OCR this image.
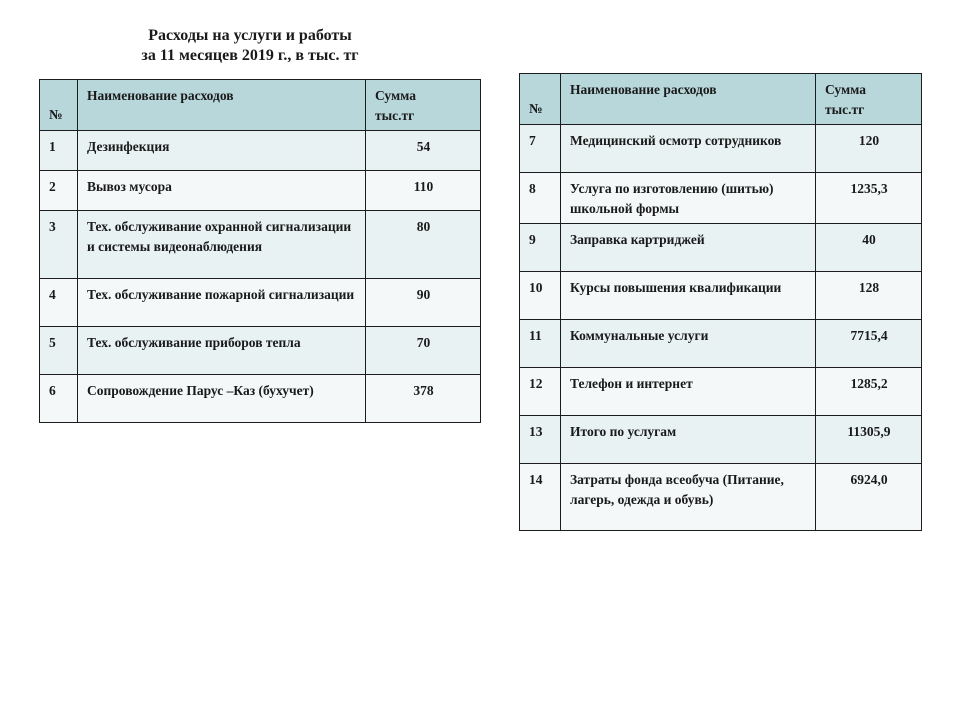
Расходы на услуги и работы
за 11 месяцев 2019 г., в тыс. тг
№	Наименование расходов	Сумма
тыс.тг

1	Дезинфекция	54
2	Вывоз мусора	110
3	Тех. обслуживание охранной сигнализации и системы видеонаблюдения	80
4	Тех. обслуживание пожарной сигнализации	90
5	Тех. обслуживание приборов тепла	70
6	Сопровождение Парус –Каз (бухучет)	378
№	Наименование расходов	Сумма
тыс.тг

7	Медицинский осмотр сотрудников	120
8	Услуга по изготовлению (шитью) школьной формы	1235,3
9	Заправка картриджей	40
10	Курсы повышения квалификации	128
11	Коммунальные услуги	7715,4
12	Телефон и интернет	1285,2
13	Итого по услугам	11305,9
14	Затраты фонда всеобуча (Питание, лагерь, одежда и обувь)	6924,0
